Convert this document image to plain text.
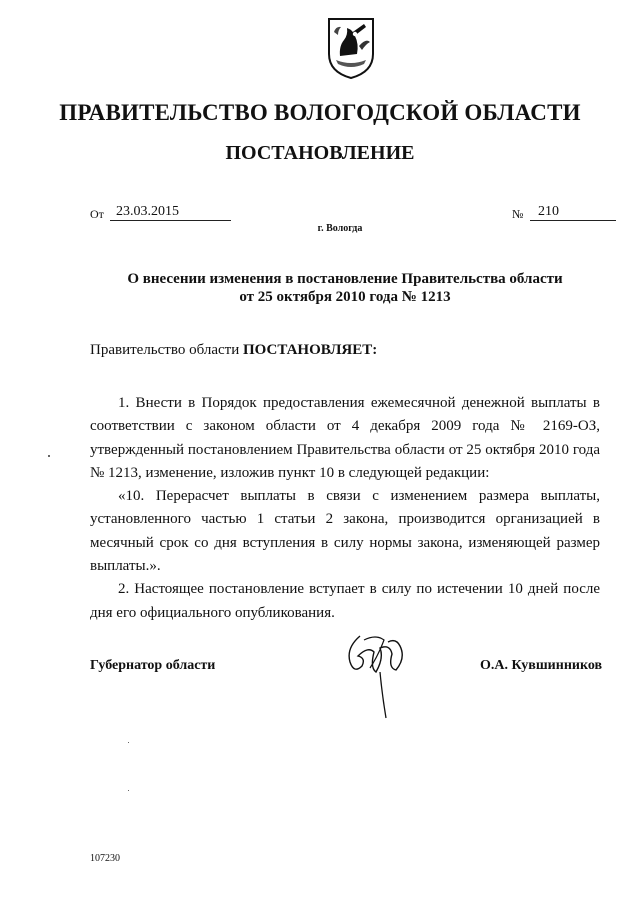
ПРАВИТЕЛЬСТВО ВОЛОГОДСКОЙ ОБЛАСТИ
ПОСТАНОВЛЕНИЕ
От 23.03.2015	№	210
г. Вологда
О внесении изменения в постановление Правительства области
от 25 октября 2010 года № 1213
Правительство области ПОСТАНОВЛЯЕТ:

1. Внести в Порядок предоставления ежемесячной денежной выплаты в соответствии с законом области от 4 декабря 2009 года № 2169-ОЗ, утвержденный постановлением Правительства области от 25 октября 2010 года № 1213, изменение, изложив пункт 10 в следующей редакции:

«10. Перерасчет выплаты в связи с изменением размера выплаты, установленного частью 1 статьи 2 закона, производится организацией в месячный срок со дня вступления в силу нормы закона, изменяющей размер выплаты.».

2. Настоящее постановление вступает в силу по истечении 10 дней после дня его официального опубликования.

Губернатор области	О.А. Кувшинников
107230
